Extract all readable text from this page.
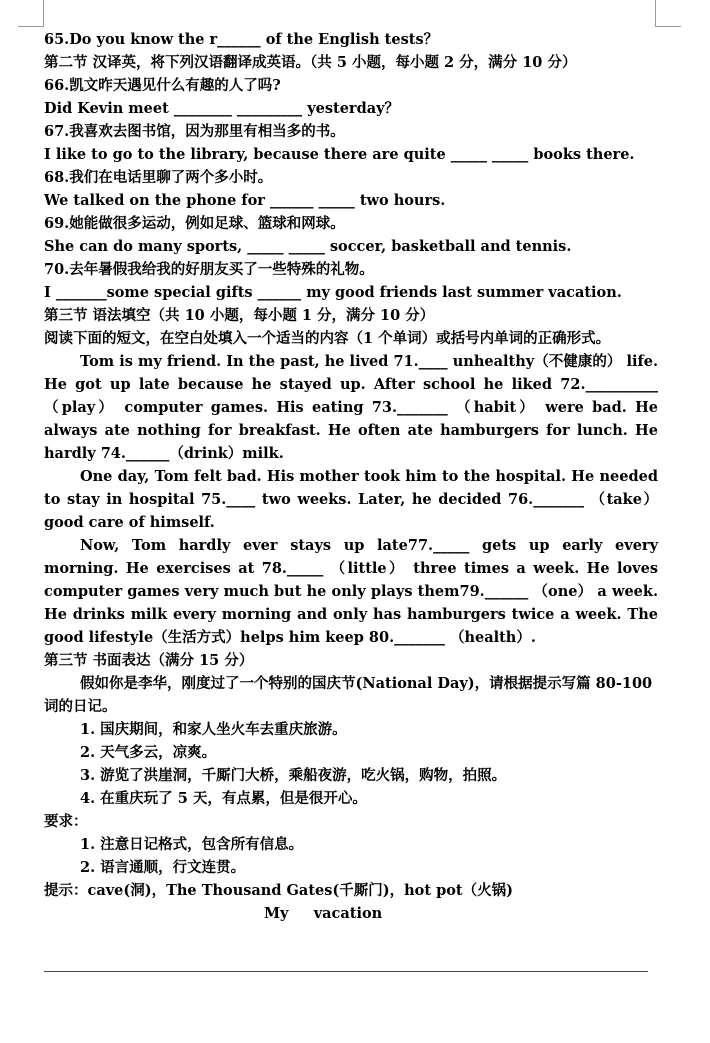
65.Do you know the r______ of the English tests？
第二节 汉译英，将下列汉语翻译成英语。（共 5 小题，每小题 2 分，满分 10 分）
66.凯文昨天遇见什么有趣的人了吗?
Did Kevin meet ________ _________ yesterday？
67.我喜欢去图书馆，因为那里有相当多的书。
I like to go to the library, because there are quite _____ _____ books there.
68.我们在电话里聊了两个多小时。
We talked on the phone for ______ _____ two hours.
69.她能做很多运动，例如足球、篮球和网球。
She can do many sports, _____ _____ soccer, basketball and tennis.
70.去年暑假我给我的好朋友买了一些特殊的礼物。
I _______some special gifts ______ my good friends last summer vacation.
第三节 语法填空（共 10 小题，每小题 1 分，满分 10 分）
阅读下面的短文，在空白处填入一个适当的内容（1 个单词）或括号内单词的正确形式。
Tom is my friend. In the past, he lived 71.____ unhealthy（不健康的） life. He got up late because he stayed up. After school he liked 72.__________（play） computer games. His eating 73._______ （habit） were bad. He always ate nothing for breakfast. He often ate hamburgers for lunch. He hardly 74.______（drink）milk.
One day, Tom felt bad. His mother took him to the hospital. He needed to stay in hospital 75.____ two weeks. Later, he decided 76._______ （take） good care of himself.
Now, Tom hardly ever stays up late77._____ gets up early every morning. He exercises at 78._____ （little） three times a week. He loves computer games very much but he only plays them79.______ （one） a week. He drinks milk every morning and only has hamburgers twice a week. The good lifestyle（生活方式）helps him keep 80._______ （health）.
第三节 书面表达（满分 15 分）
假如你是李华，刚度过了一个特别的国庆节(National Day)，请根据提示写篇 80-100 词的日记。
1. 国庆期间，和家人坐火车去重庆旅游。
2. 天气多云，凉爽。
3. 游览了洪崖洞，千厮门大桥，乘船夜游，吃火锅，购物，拍照。
4. 在重庆玩了 5 天，有点累，但是很开心。
要求：
1. 注意日记格式，包含所有信息。
2. 语言通顺，行文连贯。
提示：cave(洞)，The Thousand Gates(千厮门)，hot pot（火锅)
My     vacation
